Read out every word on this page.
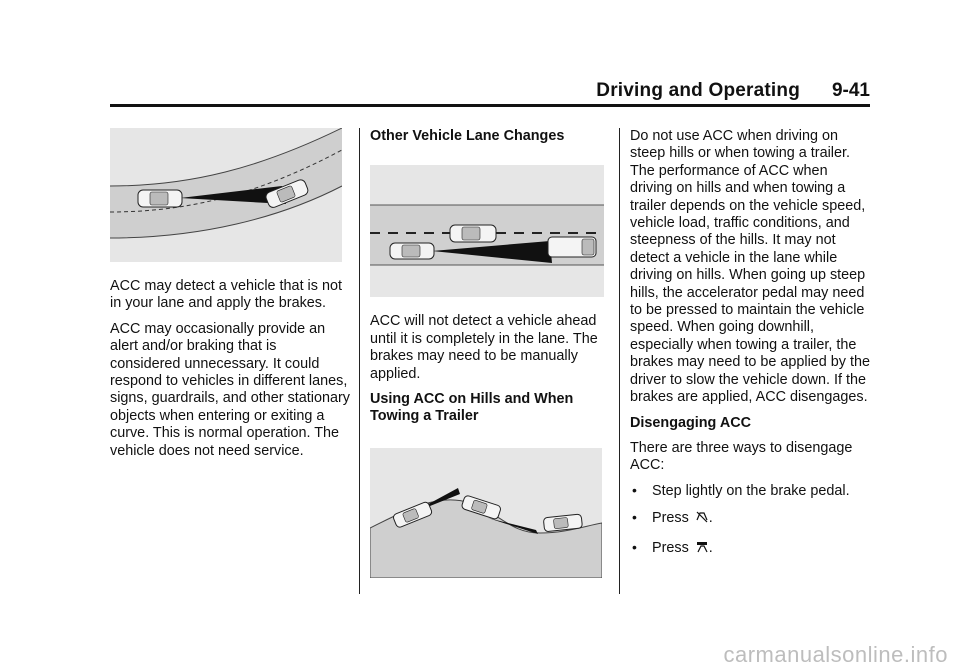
Driving and Operating 9-41

ACC may detect a vehicle that is not in your lane and apply the brakes.

ACC may occasionally provide an alert and/or braking that is considered unnecessary. It could respond to vehicles in different lanes, signs, guardrails, and other stationary objects when entering or exiting a curve. This is normal operation. The vehicle does not need service.

Other Vehicle Lane Changes

ACC will not detect a vehicle ahead until it is completely in the lane. The brakes may need to be manually applied.

Using ACC on Hills and When Towing a Trailer

Do not use ACC when driving on steep hills or when towing a trailer. The performance of ACC when driving on hills and when towing a trailer depends on the vehicle speed, vehicle load, traffic conditions, and steepness of the hills. It may not detect a vehicle in the lane while driving on hills. When going up steep hills, the accelerator pedal may need to be pressed to maintain the vehicle speed. When going downhill, especially when towing a trailer, the brakes may need to be applied by the driver to slow the vehicle down. If the brakes are applied, ACC disengages.

Disengaging ACC

There are three ways to disengage ACC:

• Step lightly on the brake pedal.
• Press .
• Press .
carmanualsonline.info
